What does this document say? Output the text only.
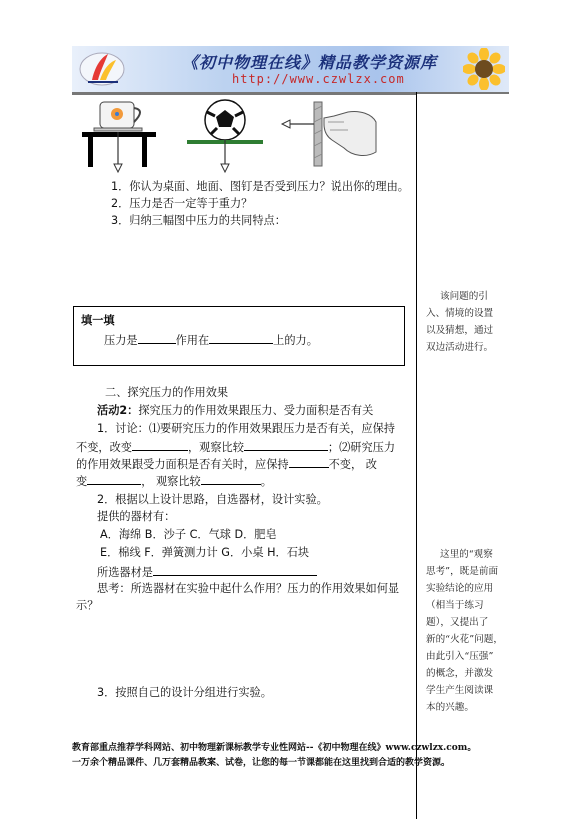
《初中物理在线》精品教学资源库
http://www.czwlzx.com
1．你认为桌面、地面、图钉是否受到压力？说出你的理由。
2．压力是否一定等于重力？
3．归纳三幅图中压力的共同特点：
填一填
压力是	作用在	上的力。
二、探究压力的作用效果
活动2：探究压力的作用效果跟压力、受力面积是否有关
1．讨论：⑴要研究压力的作用效果跟压力是否有关，应保持
不变，改变	，观察比较	；⑵研究压力
的作用效果跟受力面积是否有关时，应保持	不变， 改
变	， 观察比较	。
2．根据以上设计思路，自选器材，设计实验。
提供的器材有：
A．海绵 B．沙子 C．气球 D．肥皂
E．棉线 F．弹簧测力计 G．小桌 H．石块
所选器材是
思考：所选器材在实验中起什么作用？压力的作用效果如何显
示？
3．按照自己的设计分组进行实验。
该问题的引
入、情境的设置
以及猜想，通过
双边活动进行。
这里的“观察
思考”，既是前面
实验结论的应用
（相当于练习
题），又提出了
新的“火花”问题，
由此引入“压强”
的概念，并激发
学生产生阅读课
本的兴趣。
教育部重点推荐学科网站、初中物理新课标教学专业性网站--《初中物理在线》www.czwlzx.com。
一万余个精品课件、几万套精品教案、试卷，让您的每一节课都能在这里找到合适的教学资源。
